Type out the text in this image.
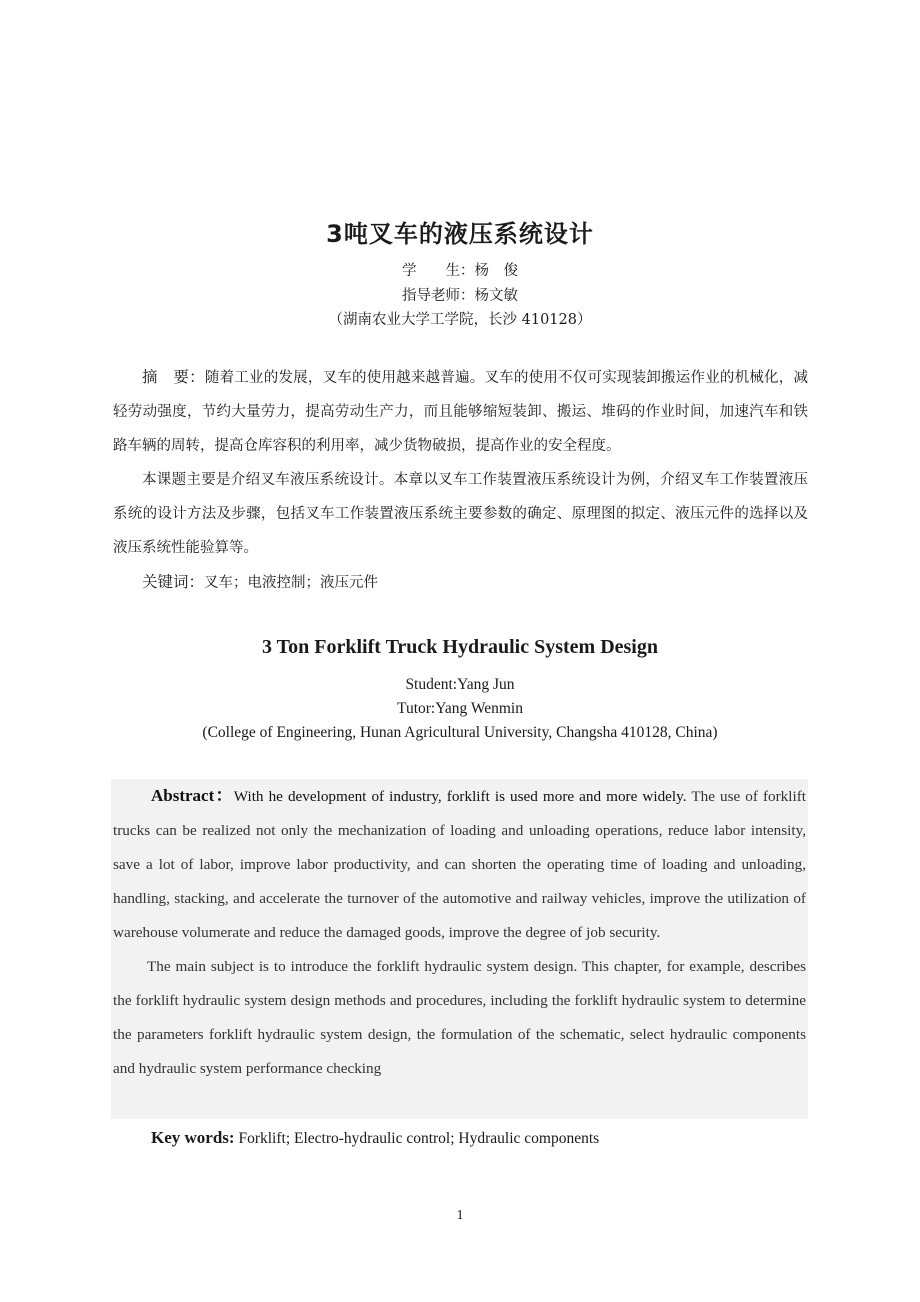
3吨叉车的液压系统设计
学　　生：杨　俊
指导老师：杨文敏
（湖南农业大学工学院，长沙 410128）

摘　要：随着工业的发展，叉车的使用越来越普遍。叉车的使用不仅可实现装卸搬运作业的机械化，减轻劳动强度，节约大量劳力，提高劳动生产力，而且能够缩短装卸、搬运、堆码的作业时间，加速汽车和铁路车辆的周转，提高仓库容积的利用率，减少货物破损，提高作业的安全程度。

本课题主要是介绍叉车液压系统设计。本章以叉车工作装置液压系统设计为例，介绍叉车工作装置液压系统的设计方法及步骤，包括叉车工作装置液压系统主要参数的确定、原理图的拟定、液压元件的选择以及液压系统性能验算等。

关键词：叉车；电液控制；液压元件

3 Ton Forklift Truck Hydraulic System Design
Student:Yang Jun
Tutor:Yang Wenmin
(College of Engineering, Hunan Agricultural University, Changsha 410128, China)

Abstract：With he development of industry, forklift is used more and more widely. The use of forklift trucks can be realized not only the mechanization of loading and unloading operations, reduce labor intensity, save a lot of labor, improve labor productivity, and can shorten the operating time of loading and unloading, handling, stacking, and accelerate the turnover of the automotive and railway vehicles, improve the utilization of warehouse volumerate and reduce the damaged goods, improve the degree of job security.

The main subject is to introduce the forklift hydraulic system design. This chapter, for example, describes the forklift hydraulic system design methods and procedures, including the forklift hydraulic system to determine the parameters forklift hydraulic system design, the formulation of the schematic, select hydraulic components and hydraulic system performance checking

Key words: Forklift; Electro-hydraulic control; Hydraulic components
1
